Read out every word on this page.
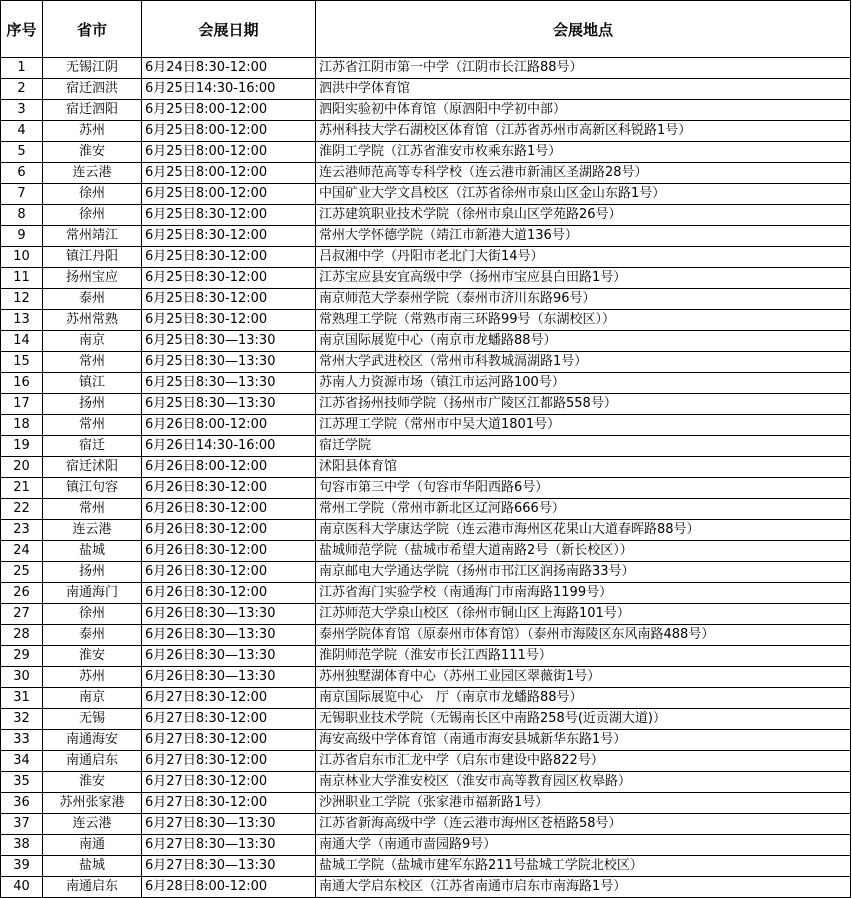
序号	省市	会展日期	会展地点
1	无锡江阴	6月24日8:30-12:00	江苏省江阴市第一中学（江阴市长江路88号）
2	宿迁泗洪	6月25日14:30-16:00	泗洪中学体育馆
3	宿迁泗阳	6月25日8:00-12:00	泗阳实验初中体育馆（原泗阳中学初中部）
4	苏州	6月25日8:00-12:00	苏州科技大学石湖校区体育馆（江苏省苏州市高新区科锐路1号）
5	淮安	6月25日8:00-12:00	淮阴工学院（江苏省淮安市枚乘东路1号）
6	连云港	6月25日8:00-12:00	连云港师范高等专科学校（连云港市新浦区圣湖路28号）
7	徐州	6月25日8:00-12:00	中国矿业大学文昌校区（江苏省徐州市泉山区金山东路1号）
8	徐州	6月25日8:30-12:00	江苏建筑职业技术学院（徐州市泉山区学苑路26号）
9	常州靖江	6月25日8:30-12:00	常州大学怀德学院（靖江市新港大道136号）
10	镇江丹阳	6月25日8:30-12:00	吕叔湘中学（丹阳市老北门大街14号）
11	扬州宝应	6月25日8:30-12:00	江苏宝应县安宜高级中学（扬州市宝应县白田路1号）
12	泰州	6月25日8:30-12:00	南京师范大学泰州学院（泰州市济川东路96号）
13	苏州常熟	6月25日8:30-12:00	常熟理工学院（常熟市南三环路99号（东湖校区））
14	南京	6月25日8:30—13:30	南京国际展览中心（南京市龙蟠路88号）
15	常州	6月25日8:30—13:30	常州大学武进校区（常州市科教城滆湖路1号）
16	镇江	6月25日8:30—13:30	苏南人力资源市场（镇江市运河路100号）
17	扬州	6月25日8:30—13:30	江苏省扬州技师学院（扬州市广陵区江都路558号）
18	常州	6月26日8:00-12:00	江苏理工学院（常州市中吴大道1801号）
19	宿迁	6月26日14:30-16:00	宿迁学院
20	宿迁沭阳	6月26日8:00-12:00	沭阳县体育馆
21	镇江句容	6月26日8:30-12:00	句容市第三中学（句容市华阳西路6号）
22	常州	6月26日8:30-12:00	常州工学院（常州市新北区辽河路666号）
23	连云港	6月26日8:30-12:00	南京医科大学康达学院（连云港市海州区花果山大道春晖路88号）
24	盐城	6月26日8:30-12:00	盐城师范学院（盐城市希望大道南路2号（新长校区））
25	扬州	6月26日8:30-12:00	南京邮电大学通达学院（扬州市邗江区润扬南路33号）
26	南通海门	6月26日8:30-12:00	江苏省海门实验学校（南通海门市南海路1199号）
27	徐州	6月26日8:30—13:30	江苏师范大学泉山校区（徐州市铜山区上海路101号）
28	泰州	6月26日8:30—13:30	泰州学院体育馆（原泰州市体育馆）（泰州市海陵区东风南路488号）
29	淮安	6月26日8:30—13:30	淮阴师范学院（淮安市长江西路111号）
30	苏州	6月26日8:30—13:30	苏州独墅湖体育中心（苏州工业园区翠薇街1号）
31	南京	6月27日8:30-12:00	南京国际展览中心　厅（南京市龙蟠路88号）
32	无锡	6月27日8:30-12:00	无锡职业技术学院（无锡南长区中南路258号(近贡湖大道)）
33	南通海安	6月27日8:30-12:00	海安高级中学体育馆（南通市海安县城新华东路1号）
34	南通启东	6月27日8:30-12:00	江苏省启东市汇龙中学（启东市建设中路822号）
35	淮安	6月27日8:30-12:00	南京林业大学淮安校区（淮安市高等教育园区枚皋路）
36	苏州张家港	6月27日8:30-12:00	沙洲职业工学院（张家港市福新路1号）
37	连云港	6月27日8:30—13:30	江苏省新海高级中学（连云港市海州区苍梧路58号）
38	南通	6月27日8:30—13:30	南通大学（南通市啬园路9号）
39	盐城	6月27日8:30—13:30	盐城工学院（盐城市建军东路211号盐城工学院北校区）
40	南通启东	6月28日8:00-12:00	南通大学启东校区（江苏省南通市启东市南海路1号）
